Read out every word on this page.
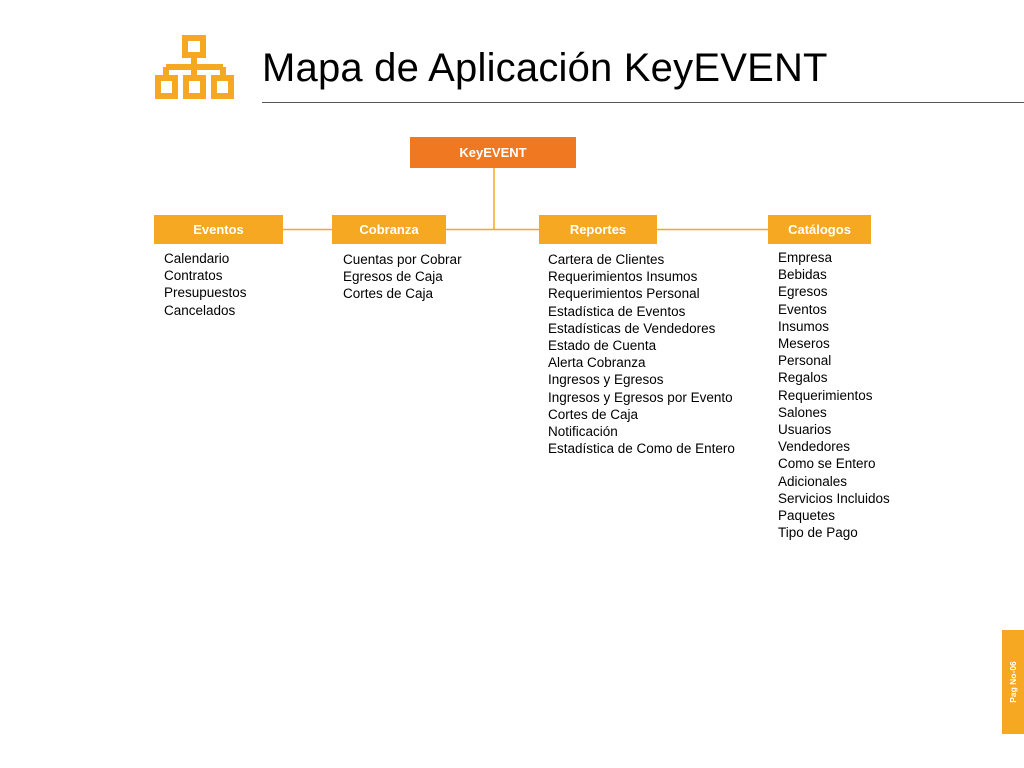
Mapa de Aplicación KeyEVENT
KeyEVENT
Eventos	Cobranza	Reportes	Catálogos
Calendario
Contratos
Presupuestos
Cancelados
Cuentas por Cobrar
Egresos de Caja
Cortes de Caja
Cartera de Clientes
Requerimientos Insumos
Requerimientos Personal
Estadística de Eventos
Estadísticas de Vendedores
Estado de Cuenta
Alerta Cobranza
Ingresos y Egresos
Ingresos y Egresos por Evento
Cortes de Caja
Notificación
Estadística de Como de Entero
Empresa
Bebidas
Egresos
Eventos
Insumos
Meseros
Personal
Regalos
Requerimientos
Salones
Usuarios
Vendedores
Como se Entero
Adicionales
Servicios Incluidos
Paquetes
Tipo de Pago
Pag No-06
